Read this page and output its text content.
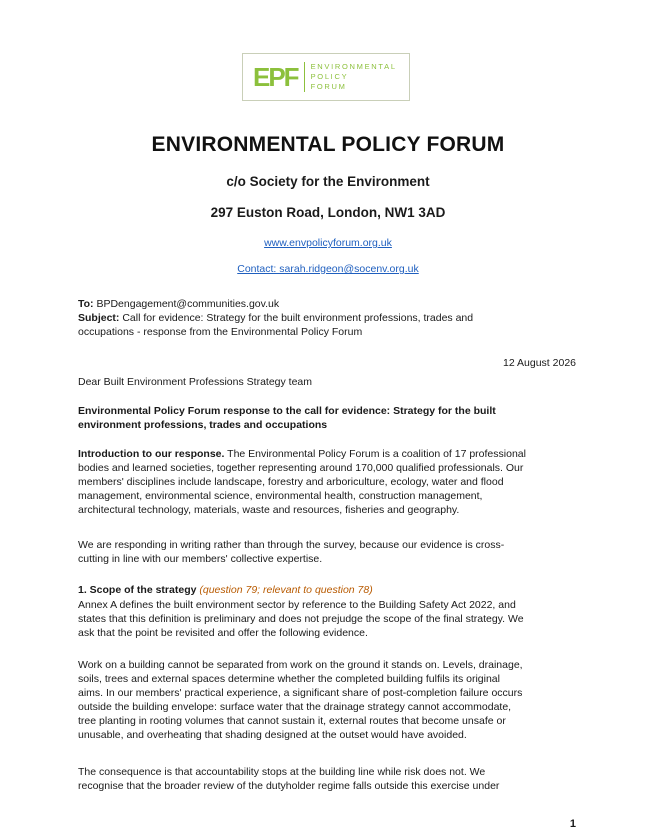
EPF ENVIRONMENTAL
POLICY
FORUM
ENVIRONMENTAL POLICY FORUM
c/o Society for the Environment
297 Euston Road, London, NW1 3AD
www.envpolicyforum.org.uk
Contact: sarah.ridgeon@socenv.org.uk
To: BPDengagement@communities.gov.uk
Subject: Call for evidence: Strategy for the built environment professions, trades and
occupations - response from the Environmental Policy Forum
12 August 2026
Dear Built Environment Professions Strategy team
Environmental Policy Forum response to the call for evidence: Strategy for the built
environment professions, trades and occupations
Introduction to our response. The Environmental Policy Forum is a coalition of 17 professional
bodies and learned societies, together representing around 170,000 qualified professionals. Our
members' disciplines include landscape, forestry and arboriculture, ecology, water and flood
management, environmental science, environmental health, construction management,
architectural technology, materials, waste and resources, fisheries and geography.
We are responding in writing rather than through the survey, because our evidence is cross-
cutting in line with our members' collective expertise.
1. Scope of the strategy (question 79; relevant to question 78)
Annex A defines the built environment sector by reference to the Building Safety Act 2022, and
states that this definition is preliminary and does not prejudge the scope of the final strategy. We
ask that the point be revisited and offer the following evidence.
Work on a building cannot be separated from work on the ground it stands on. Levels, drainage,
soils, trees and external spaces determine whether the completed building fulfils its original
aims. In our members' practical experience, a significant share of post-completion failure occurs
outside the building envelope: surface water that the drainage strategy cannot accommodate,
tree planting in rooting volumes that cannot sustain it, external routes that become unsafe or
unusable, and overheating that shading designed at the outset would have avoided.
The consequence is that accountability stops at the building line while risk does not. We
recognise that the broader review of the dutyholder regime falls outside this exercise under
1
